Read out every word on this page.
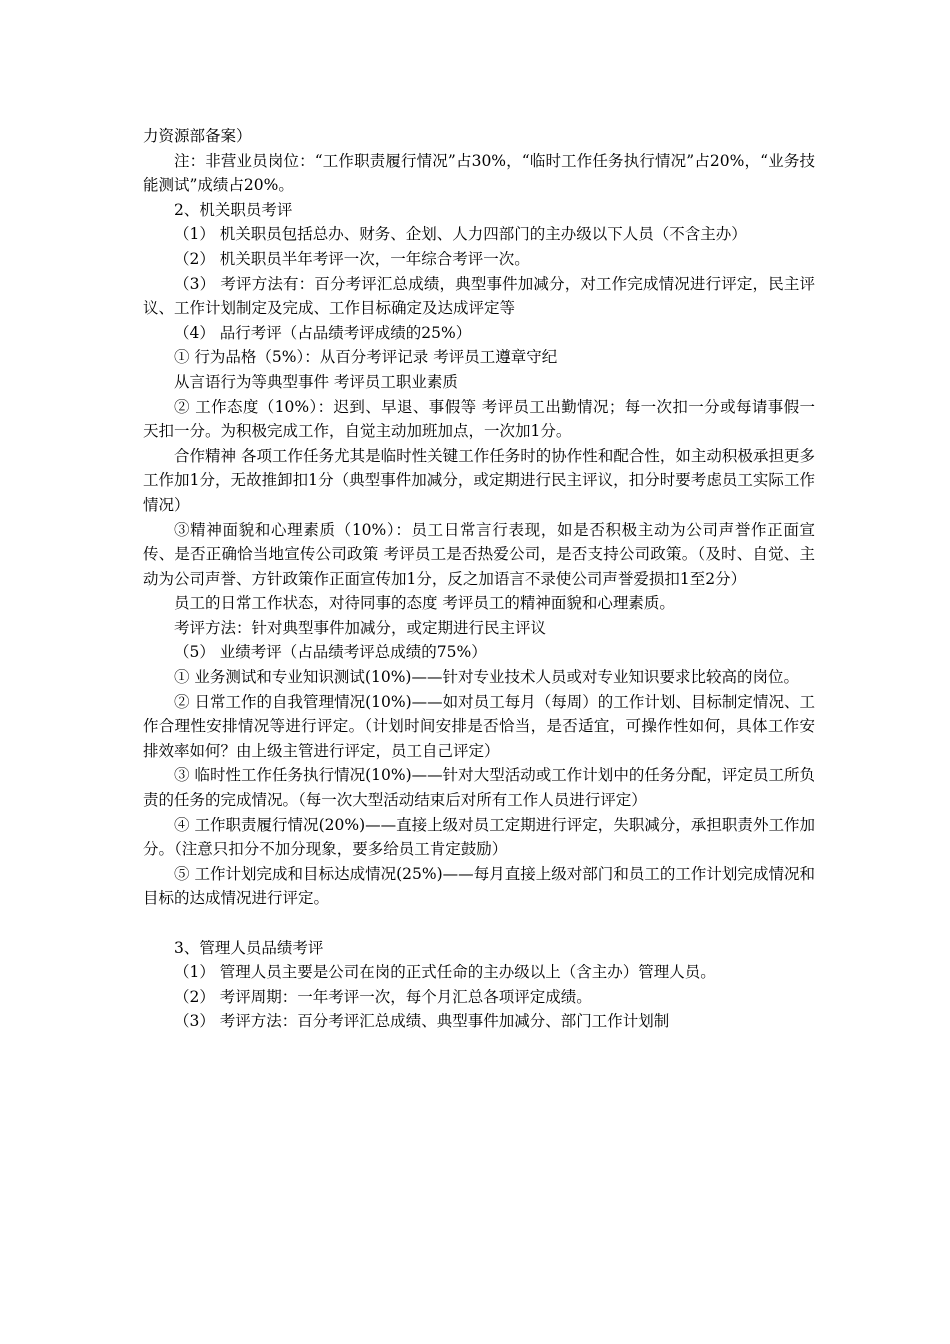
力资源部备案）

注：非营业员岗位：“工作职责履行情况”占30%，“临时工作任务执行情况”占20%，“业务技能测试”成绩占20%。

2、机关职员考评

（1） 机关职员包括总办、财务、企划、人力四部门的主办级以下人员（不含主办）

（2） 机关职员半年考评一次，一年综合考评一次。

（3） 考评方法有：百分考评汇总成绩，典型事件加减分，对工作完成情况进行评定，民主评议、工作计划制定及完成、工作目标确定及达成评定等

（4） 品行考评（占品绩考评成绩的25%）

① 行为品格（5%）：从百分考评记录 考评员工遵章守纪

从言语行为等典型事件 考评员工职业素质

② 工作态度（10%）：迟到、早退、事假等 考评员工出勤情况；每一次扣一分或每请事假一天扣一分。为积极完成工作，自觉主动加班加点，一次加1分。

合作精神 各项工作任务尤其是临时性关键工作任务时的协作性和配合性，如主动积极承担更多工作加1分，无故推卸扣1分（典型事件加减分，或定期进行民主评议，扣分时要考虑员工实际工作情况）

③精神面貌和心理素质（10%）：员工日常言行表现，如是否积极主动为公司声誉作正面宣传、是否正确恰当地宣传公司政策 考评员工是否热爱公司，是否支持公司政策。（及时、自觉、主动为公司声誉、方针政策作正面宣传加1分，反之加语言不录使公司声誉爱损扣1至2分）

员工的日常工作状态，对待同事的态度 考评员工的精神面貌和心理素质。

考评方法：针对典型事件加减分，或定期进行民主评议

（5） 业绩考评（占品绩考评总成绩的75%）

① 业务测试和专业知识测试(10%)——针对专业技术人员或对专业知识要求比较高的岗位。

② 日常工作的自我管理情况(10%)——如对员工每月（每周）的工作计划、目标制定情况、工作合理性安排情况等进行评定。（计划时间安排是否恰当，是否适宜，可操作性如何，具体工作安排效率如何？由上级主管进行评定，员工自己评定）

③ 临时性工作任务执行情况(10%)——针对大型活动或工作计划中的任务分配，评定员工所负责的任务的完成情况。（每一次大型活动结束后对所有工作人员进行评定）

④ 工作职责履行情况(20%)——直接上级对员工定期进行评定，失职减分，承担职责外工作加分。（注意只扣分不加分现象，要多给员工肯定鼓励）

⑤ 工作计划完成和目标达成情况(25%)——每月直接上级对部门和员工的工作计划完成情况和目标的达成情况进行评定。

3、管理人员品绩考评

（1） 管理人员主要是公司在岗的正式任命的主办级以上（含主办）管理人员。

（2） 考评周期：一年考评一次，每个月汇总各项评定成绩。

（3） 考评方法：百分考评汇总成绩、典型事件加减分、部门工作计划制
